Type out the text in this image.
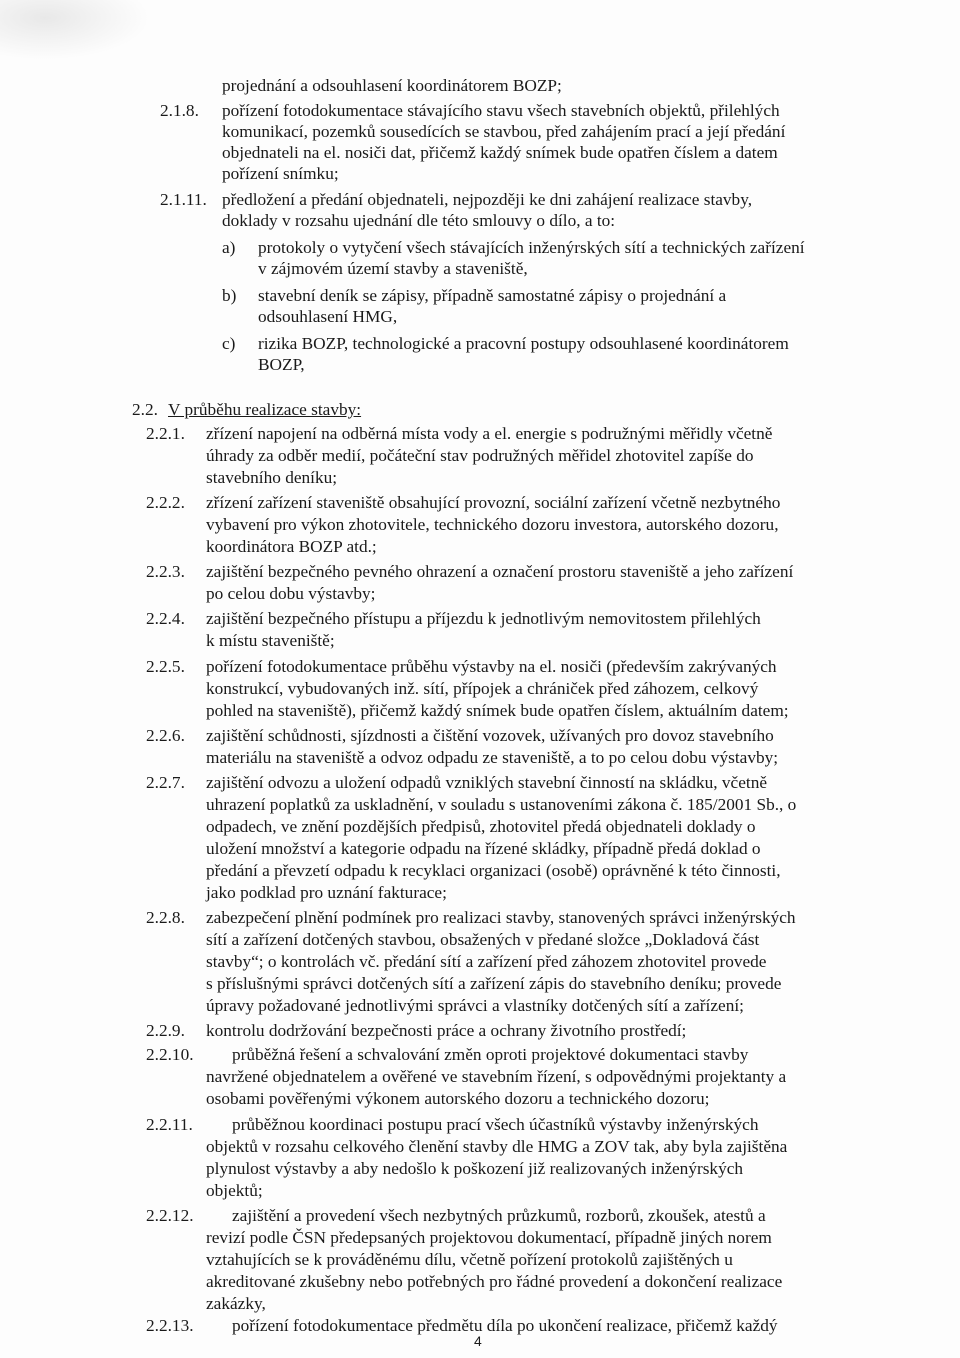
projednání a odsouhlasení koordinátorem BOZP;
2.1.8. pořízení fotodokumentace stávajícího stavu všech stavebních objektů, přilehlých
komunikací, pozemků sousedících se stavbou, před zahájením prací a její předání
objednateli na el. nosiči dat, přičemž každý snímek bude opatřen číslem a datem
pořízení snímku;
2.1.11. předložení a předání objednateli, nejpozději ke dni zahájení realizace stavby,
doklady v rozsahu ujednání dle této smlouvy o dílo, a to:
a) protokoly o vytyčení všech stávajících inženýrských sítí a technických zařízení
v zájmovém území stavby a staveniště,
b) stavební deník se zápisy, případně samostatné zápisy o projednání a
odsouhlasení HMG,
c) rizika BOZP, technologické a pracovní postupy odsouhlasené koordinátorem
BOZP,
2.2. V průběhu realizace stavby:
2.2.1. zřízení napojení na odběrná místa vody a el. energie s podružnými měřidly včetně
úhrady za odběr medií, počáteční stav podružných měřidel zhotovitel zapíše do
stavebního deníku;
2.2.2. zřízení zařízení staveniště obsahující provozní, sociální zařízení včetně nezbytného
vybavení pro výkon zhotovitele, technického dozoru investora, autorského dozoru,
koordinátora BOZP atd.;
2.2.3. zajištění bezpečného pevného ohrazení a označení prostoru staveniště a jeho zařízení
po celou dobu výstavby;
2.2.4. zajištění bezpečného přístupu a příjezdu k jednotlivým nemovitostem přilehlých
k místu staveniště;
2.2.5. pořízení fotodokumentace průběhu výstavby na el. nosiči (především zakrývaných
konstrukcí, vybudovaných inž. sítí, přípojek a chrániček před záhozem, celkový
pohled na staveniště), přičemž každý snímek bude opatřen číslem, aktuálním datem;
2.2.6. zajištění schůdnosti, sjízdnosti a čištění vozovek, užívaných pro dovoz stavebního
materiálu na staveniště a odvoz odpadu ze staveniště, a to po celou dobu výstavby;
2.2.7. zajištění odvozu a uložení odpadů vzniklých stavební činností na skládku, včetně
uhrazení poplatků za uskladnění, v souladu s ustanoveními zákona č. 185/2001 Sb., o
odpadech, ve znění pozdějších předpisů, zhotovitel předá objednateli doklady o
uložení množství a kategorie odpadu na řízené skládky, případně předá doklad o
předání a převzetí odpadu k recyklaci organizaci (osobě) oprávněné k této činnosti,
jako podklad pro uznání fakturace;
2.2.8. zabezpečení plnění podmínek pro realizaci stavby, stanovených správci inženýrských
sítí a zařízení dotčených stavbou, obsažených v předané složce „Dokladová část
stavby“; o kontrolách vč. předání sítí a zařízení před záhozem zhotovitel provede
s příslušnými správci dotčených sítí a zařízení zápis do stavebního deníku; provede
úpravy požadované jednotlivými správci a vlastníky dotčených sítí a zařízení;
2.2.9. kontrolu dodržování bezpečnosti práce a ochrany životního prostředí;
2.2.10. průběžná řešení a schvalování změn oproti projektové dokumentaci stavby
navržené objednatelem a ověřené ve stavebním řízení, s odpovědnými projektanty a
osobami pověřenými výkonem autorského dozoru a technického dozoru;
2.2.11. průběžnou koordinaci postupu prací všech účastníků výstavby inženýrských
objektů v rozsahu celkového členění stavby dle HMG a ZOV tak, aby byla zajištěna
plynulost výstavby a aby nedošlo k poškození již realizovaných inženýrských
objektů;
2.2.12. zajištění a provedení všech nezbytných průzkumů, rozborů, zkoušek, atestů a
revizí podle ČSN předepsaných projektovou dokumentací, případně jiných norem
vztahujících se k prováděnému dílu, včetně pořízení protokolů zajištěných u
akreditované zkušebny nebo potřebných pro řádné provedení a dokončení realizace
zakázky,
2.2.13. pořízení fotodokumentace předmětu díla po ukončení realizace, přičemž každý
4
